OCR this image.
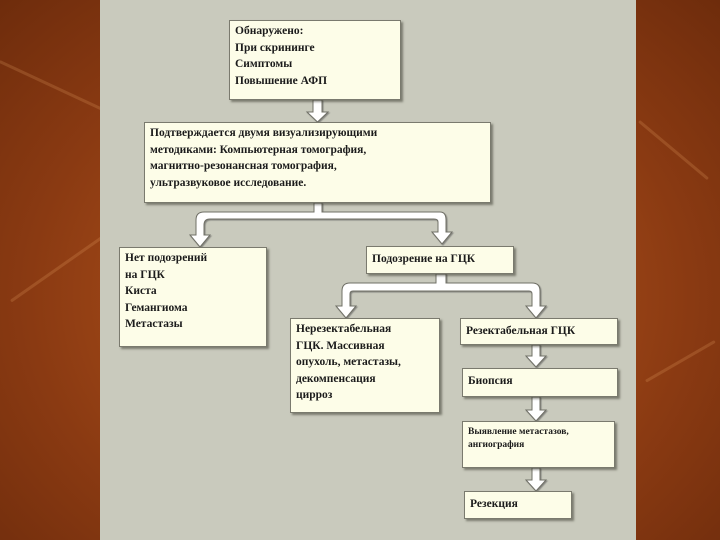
Обнаружено:
При скрининге
Симптомы
Повышение АФП
Подтверждается двумя визуализирующими
методиками: Компьютерная томография,
магнитно-резонансная томография,
ультразвуковое исследование.
Нет подозрений
на ГЦК
Киста
Гемангиома
Метастазы
Подозрение на ГЦК
Нерезектабельная
ГЦК. Массивная
опухоль, метастазы,
декомпенсация
цирроз
Резектабельная ГЦК
Биопсия
Выявление метастазов,
ангиография
Резекция
